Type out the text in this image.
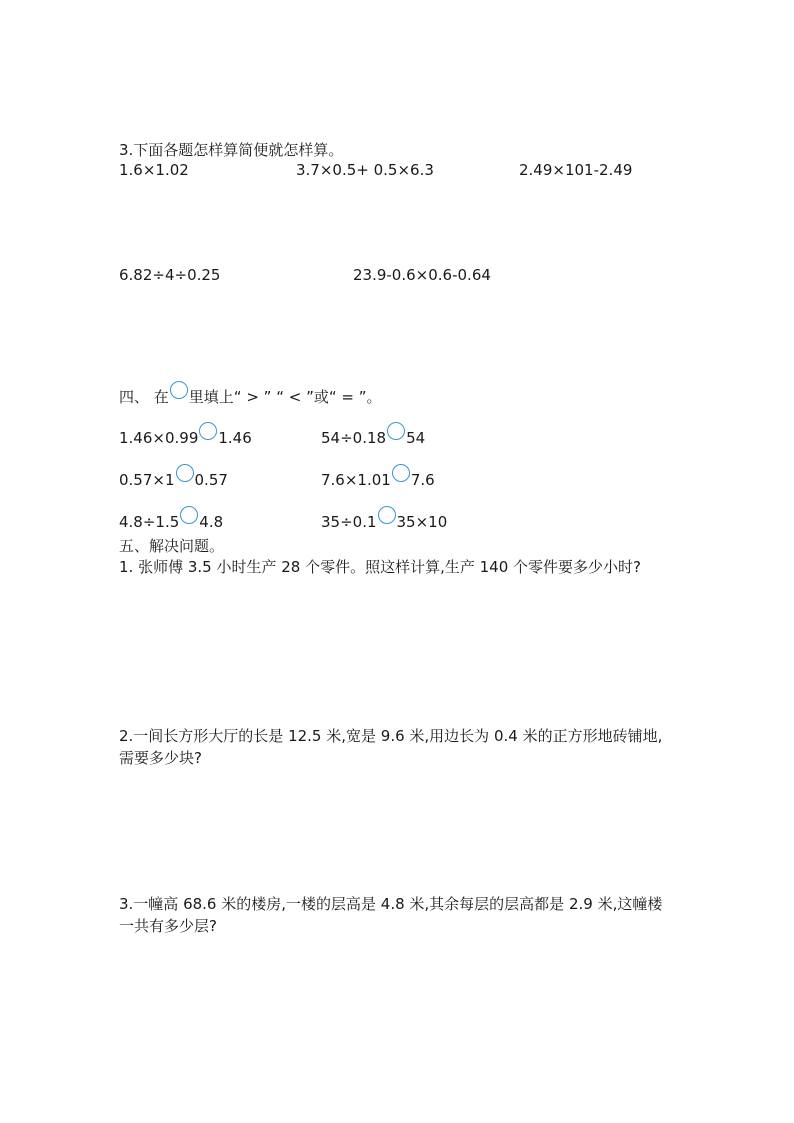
3.下面各题怎样算简便就怎样算。
1.6×1.02	3.7×0.5+ 0.5×6.3	2.49×101-2.49
6.82÷4÷0.25	23.9-0.6×0.6-0.64
四、 在 里填上“ > ” “ < ”或“ = ”。
1.46×0.99 1.46	54÷0.18 54
0.57×1 0.57	7.6×1.01 7.6
4.8÷1.5 4.8	35÷0.1 35×10
五、解决问题。
1. 张师傅 3.5 小时生产 28 个零件。照这样计算,生产 140 个零件要多少小时?
2.一间长方形大厅的长是 12.5 米,宽是 9.6 米,用边长为 0.4 米的正方形地砖铺地,
需要多少块?
3.一幢高 68.6 米的楼房,一楼的层高是 4.8 米,其余每层的层高都是 2.9 米,这幢楼
一共有多少层?
